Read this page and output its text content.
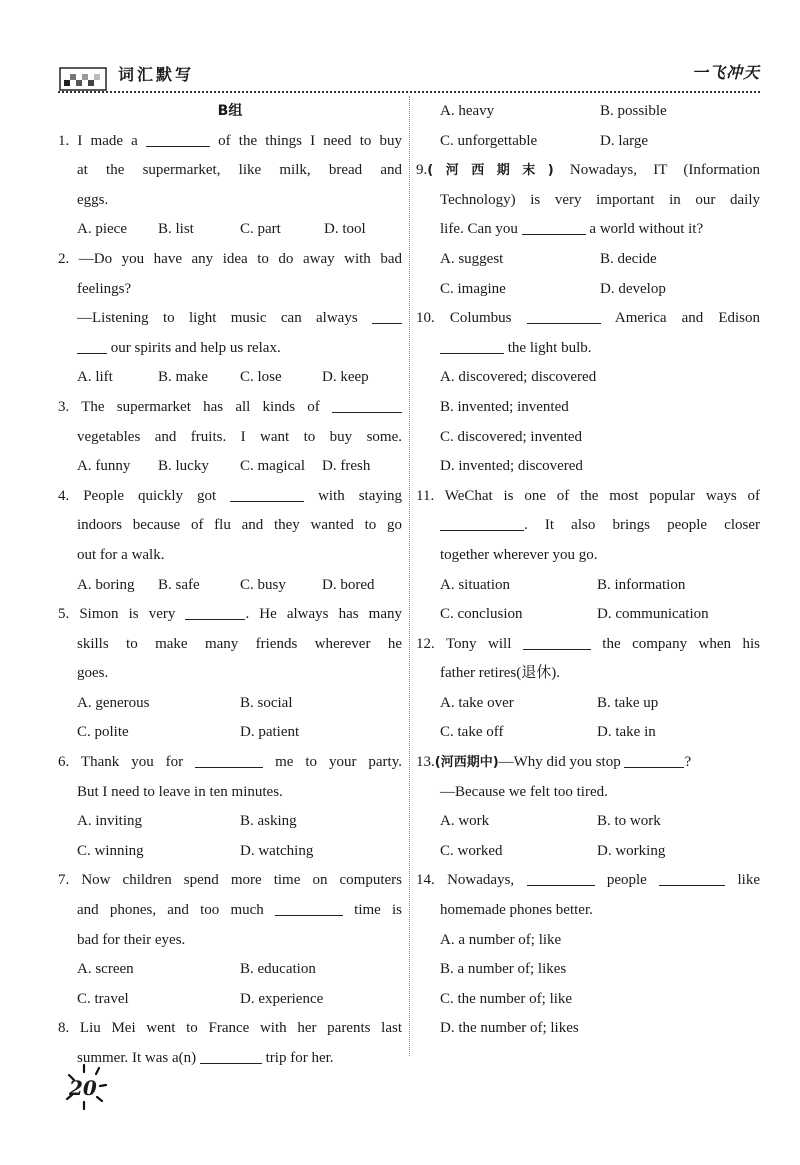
词汇默写	一飞冲天
B组
1. I made a	of the things I need to buy
at the supermarket, like milk, bread and
eggs.
A. piece	B. list	C. part	D. tool
2. —Do you have any idea to do away with bad
feelings?
—Listening to light music can always
our spirits and help us relax.
A. lift	B. make	C. lose	D. keep
3. The supermarket has all kinds of
vegetables and fruits. I want to buy some.
A. funny	B. lucky	C. magical	D. fresh
4. People quickly got	with staying
indoors because of flu and they wanted to go
out for a walk.
A. boring	B. safe	C. busy	D. bored
5. Simon is very	. He always has many
skills to make many friends wherever he
goes.
A. generous	B. social
C. polite	D. patient
6. Thank you for	me to your party.
But I need to leave in ten minutes.
A. inviting	B. asking
C. winning	D. watching
7. Now children spend more time on computers
and phones, and too much	time is
bad for their eyes.
A. screen	B. education
C. travel	D. experience
8. Liu Mei went to France with her parents last
summer. It was a(n)	trip for her.
A. heavy	B. possible
C. unforgettable	D. large
9.(河西期末) Nowadays, IT (Information
Technology) is very important in our daily
life. Can you	a world without it?
A. suggest	B. decide
C. imagine	D. develop
10. Columbus	America and Edison
the light bulb.
A. discovered; discovered
B. invented; invented
C. discovered; invented
D. invented; discovered
11. WeChat is one of the most popular ways of
. It also brings people closer
together wherever you go.
A. situation	B. information
C. conclusion	D. communication
12. Tony will	the company when his
father retires(退休).
A. take over	B. take up
C. take off	D. take in
13.(河西期中)—Why did you stop	?
—Because we felt too tired.
A. work	B. to work
C. worked	D. working
14. Nowadays,	people	like
homemade phones better.
A. a number of; like
B. a number of; likes
C. the number of; like
D. the number of; likes
20
